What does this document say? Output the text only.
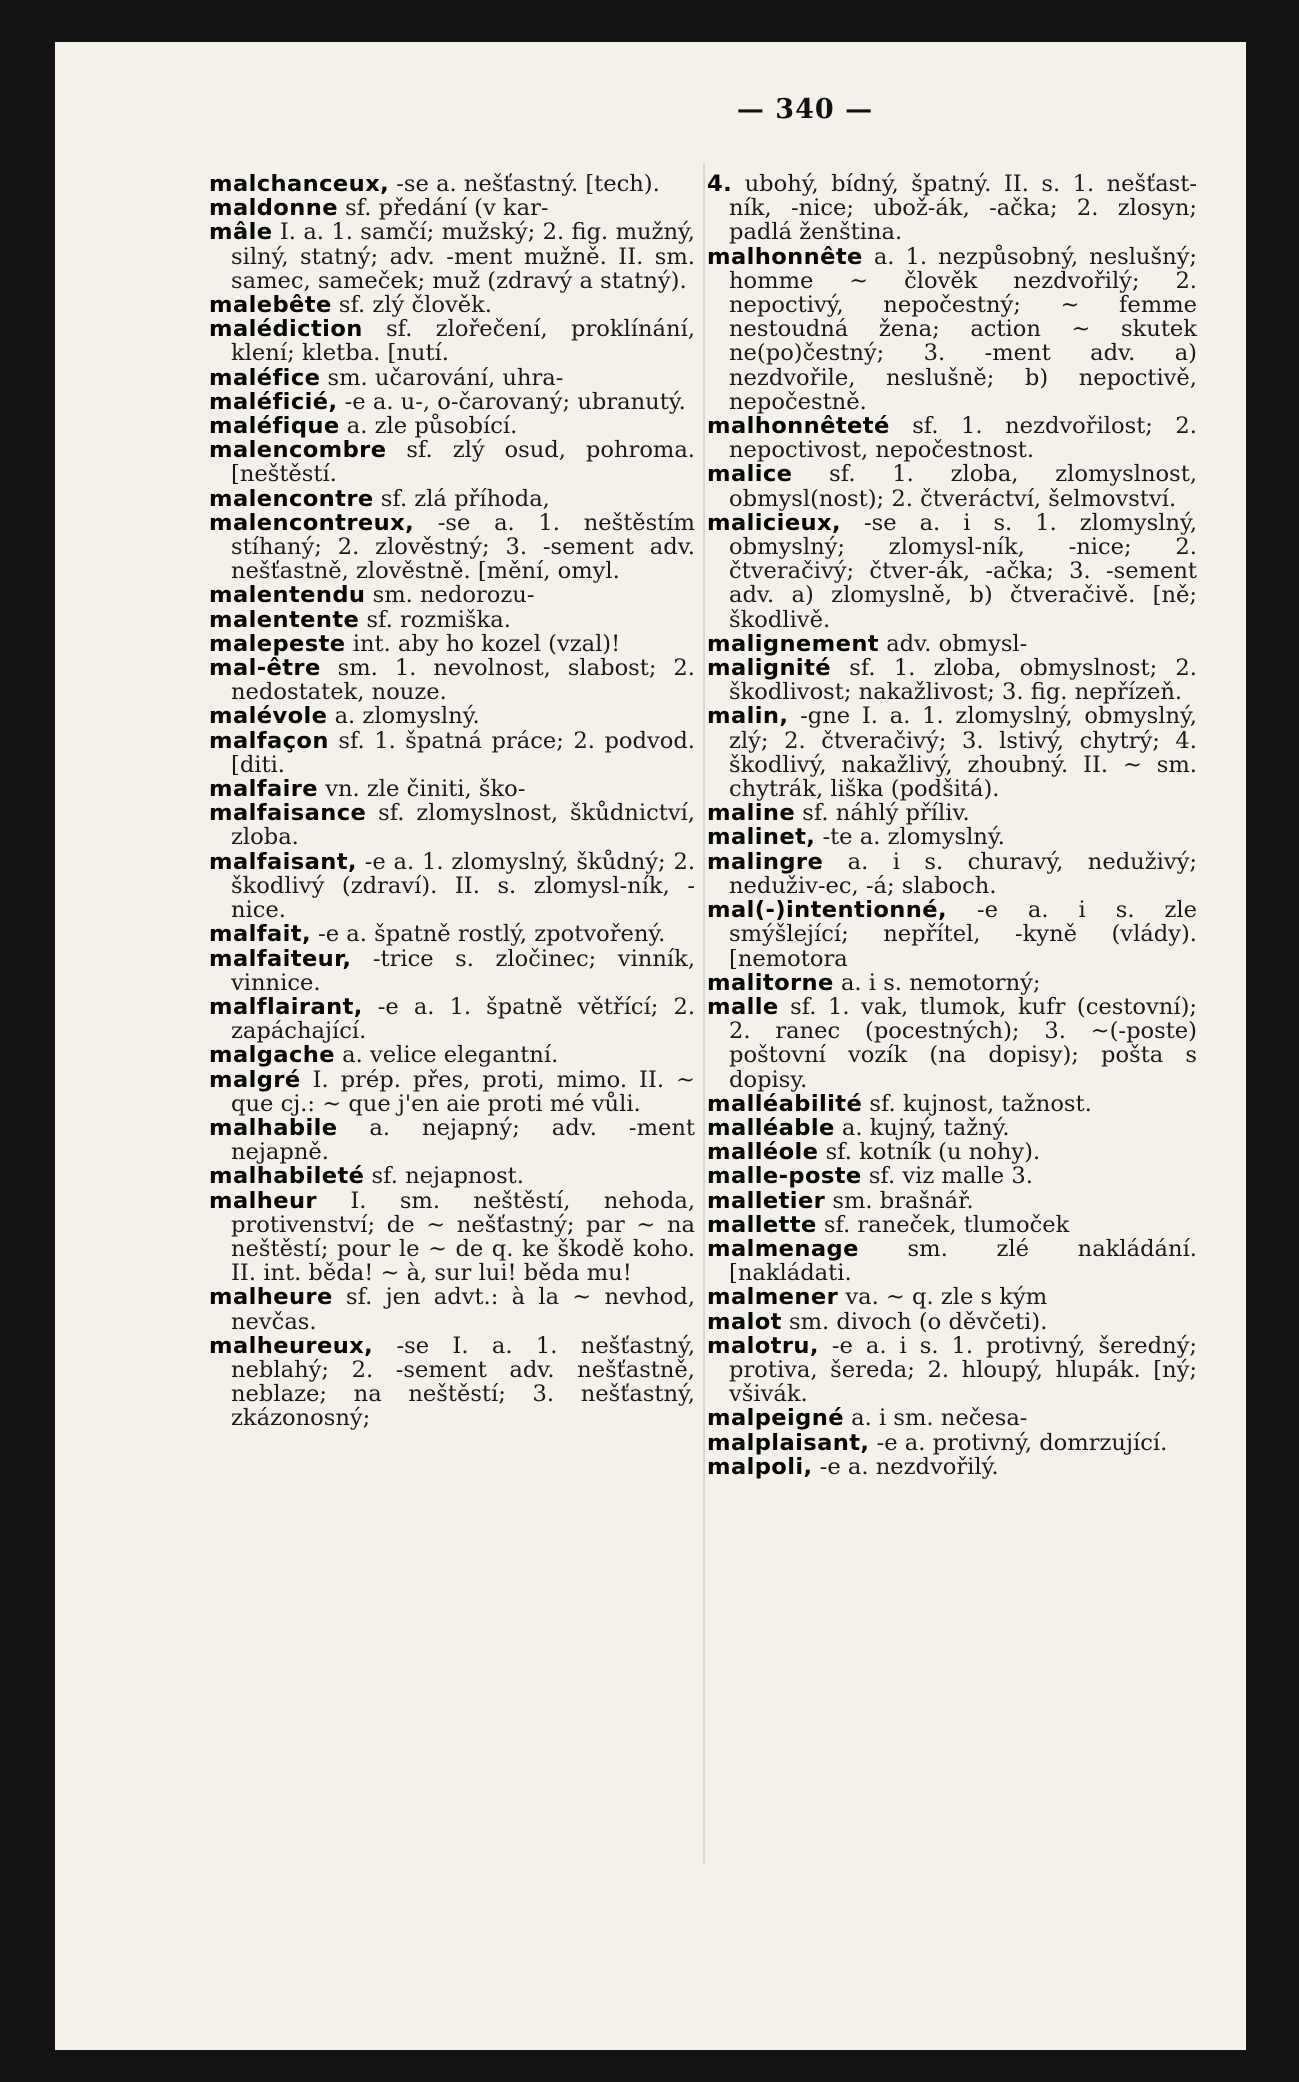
— 340 —

malchanceux, -se a. nešťastný. [tech).

maldonne sf. předání (v kar-

mâle I. a. 1. samčí; mužský; 2. fig. mužný, silný, statný; adv. -ment mužně. II. sm. samec, sameček; muž (zdravý a statný).

malebête sf. zlý člověk.

malédiction sf. zlořečení, proklínání, klení; kletba. [nutí.

maléfice sm. učarování, uhra-

maléficié, -e a. u-, o-čarovaný; ubranutý.

maléfique a. zle působící.

malencombre sf. zlý osud, pohroma. [neštěstí.

malencontre sf. zlá příhoda,

malencontreux, -se a. 1. neštěstím stíhaný; 2. zlověstný; 3. -sement adv. nešťastně, zlověstně. [mění, omyl.

malentendu sm. nedorozu-

malentente sf. rozmiška.

malepeste int. aby ho kozel (vzal)!

mal-être sm. 1. nevolnost, slabost; 2. nedostatek, nouze.

malévole a. zlomyslný.

malfaçon sf. 1. špatná práce; 2. podvod. [diti.

malfaire vn. zle činiti, ško-

malfaisance sf. zlomyslnost, škůdnictví, zloba.

malfaisant, -e a. 1. zlomyslný, škůdný; 2. škodlivý (zdraví). II. s. zlomysl-ník, -nice.

malfait, -e a. špatně rostlý, zpotvořený.

malfaiteur, -trice s. zločinec; vinník, vinnice.

malflairant, -e a. 1. špatně větřící; 2. zapáchající.

malgache a. velice elegantní.

malgré I. prép. přes, proti, mimo. II. ~ que cj.: ~ que j'en aie proti mé vůli.

malhabile a. nejapný; adv. -ment nejapně.

malhabileté sf. nejapnost.

malheur I. sm. neštěstí, nehoda, protivenství; de ~ nešťastný; par ~ na neštěstí; pour le ~ de q. ke škodě koho. II. int. běda! ~ à, sur lui! běda mu!

malheure sf. jen advt.: à la ~ nevhod, nevčas.

malheureux, -se I. a. 1. nešťastný, neblahý; 2. -sement adv. nešťastně, neblaze; na neštěstí; 3. nešťastný, zkázonosný;

4. ubohý, bídný, špatný. II. s. 1. nešťast-ník, -nice; ubož-ák, -ačka; 2. zlosyn; padlá ženština.

malhonnête a. 1. nezpůsobný, neslušný; homme ~ člověk nezdvořilý; 2. nepoctivý, nepočestný; ~ femme nestoudná žena; action ~ skutek ne(po)čestný; 3. -ment adv. a) nezdvořile, neslušně; b) nepoctivě, nepočestně.

malhonnêteté sf. 1. nezdvořilost; 2. nepoctivost, nepočestnost.

malice sf. 1. zloba, zlomyslnost, obmysl(nost); 2. čtveráctví, šelmovství.

malicieux, -se a. i s. 1. zlomyslný, obmyslný; zlomysl-ník, -nice; 2. čtveračivý; čtver-ák, -ačka; 3. -sement adv. a) zlomyslně, b) čtveračivě. [ně; škodlivě.

malignement adv. obmysl-

malignité sf. 1. zloba, obmyslnost; 2. škodlivost; nakažlivost; 3. fig. nepřízeň.

malin, -gne I. a. 1. zlomyslný, obmyslný, zlý; 2. čtveračivý; 3. lstivý, chytrý; 4. škodlivý, nakažlivý, zhoubný. II. ~ sm. chytrák, liška (podšitá).

maline sf. náhlý příliv.

malinet, -te a. zlomyslný.

malingre a. i s. churavý, neduživý; neduživ-ec, -á; slaboch.

mal(-)intentionné, -e a. i s. zle smýšlející; nepřítel, -kyně (vlády). [nemotora

malitorne a. i s. nemotorný;

malle sf. 1. vak, tlumok, kufr (cestovní); 2. ranec (pocestných); 3. ~(-poste) poštovní vozík (na dopisy); pošta s dopisy.

malléabilité sf. kujnost, tažnost.

malléable a. kujný, tažný.

malléole sf. kotník (u nohy).

malle-poste sf. viz malle 3.

malletier sm. brašnář.

mallette sf. raneček, tlumoček

malmenage sm. zlé nakládání. [nakládati.

malmener va. ~ q. zle s kým

malot sm. divoch (o děvčeti).

malotru, -e a. i s. 1. protivný, šeredný; protiva, šereda; 2. hloupý, hlupák. [ný; všivák.

malpeigné a. i sm. nečesa-

malplaisant, -e a. protivný, domrzující.

malpoli, -e a. nezdvořilý.
